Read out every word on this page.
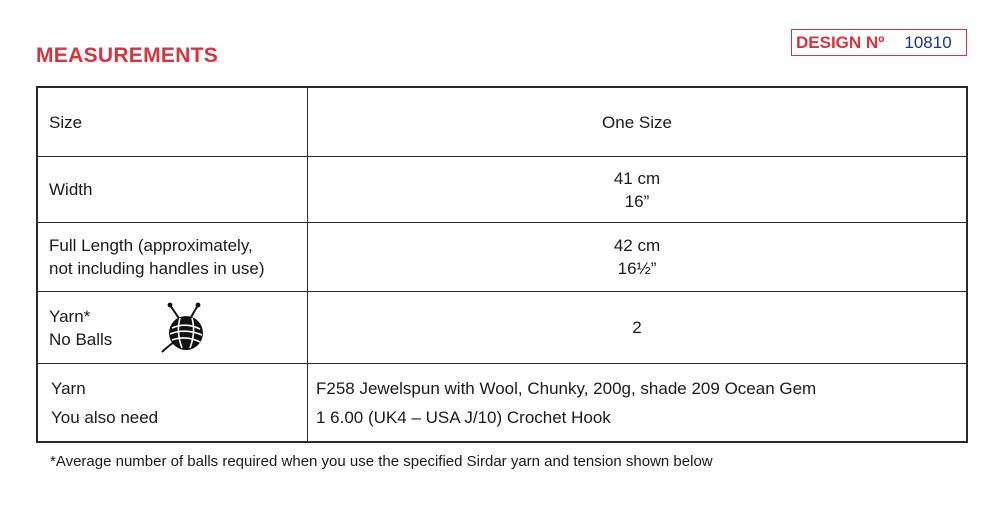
MEASUREMENTS
DESIGN Nº 10810
Size	One Size
Width	41 cm
16”

Full Length (approximately,
not including handles in use)	42 cm
16½”

Yarn*
No Balls	2

Yarn
You also need	F258 Jewelspun with Wool, Chunky, 200g, shade 209 Ocean Gem
1 6.00 (UK4 – USA J/10) Crochet Hook
*Average number of balls required when you use the specified Sirdar yarn and tension shown below
